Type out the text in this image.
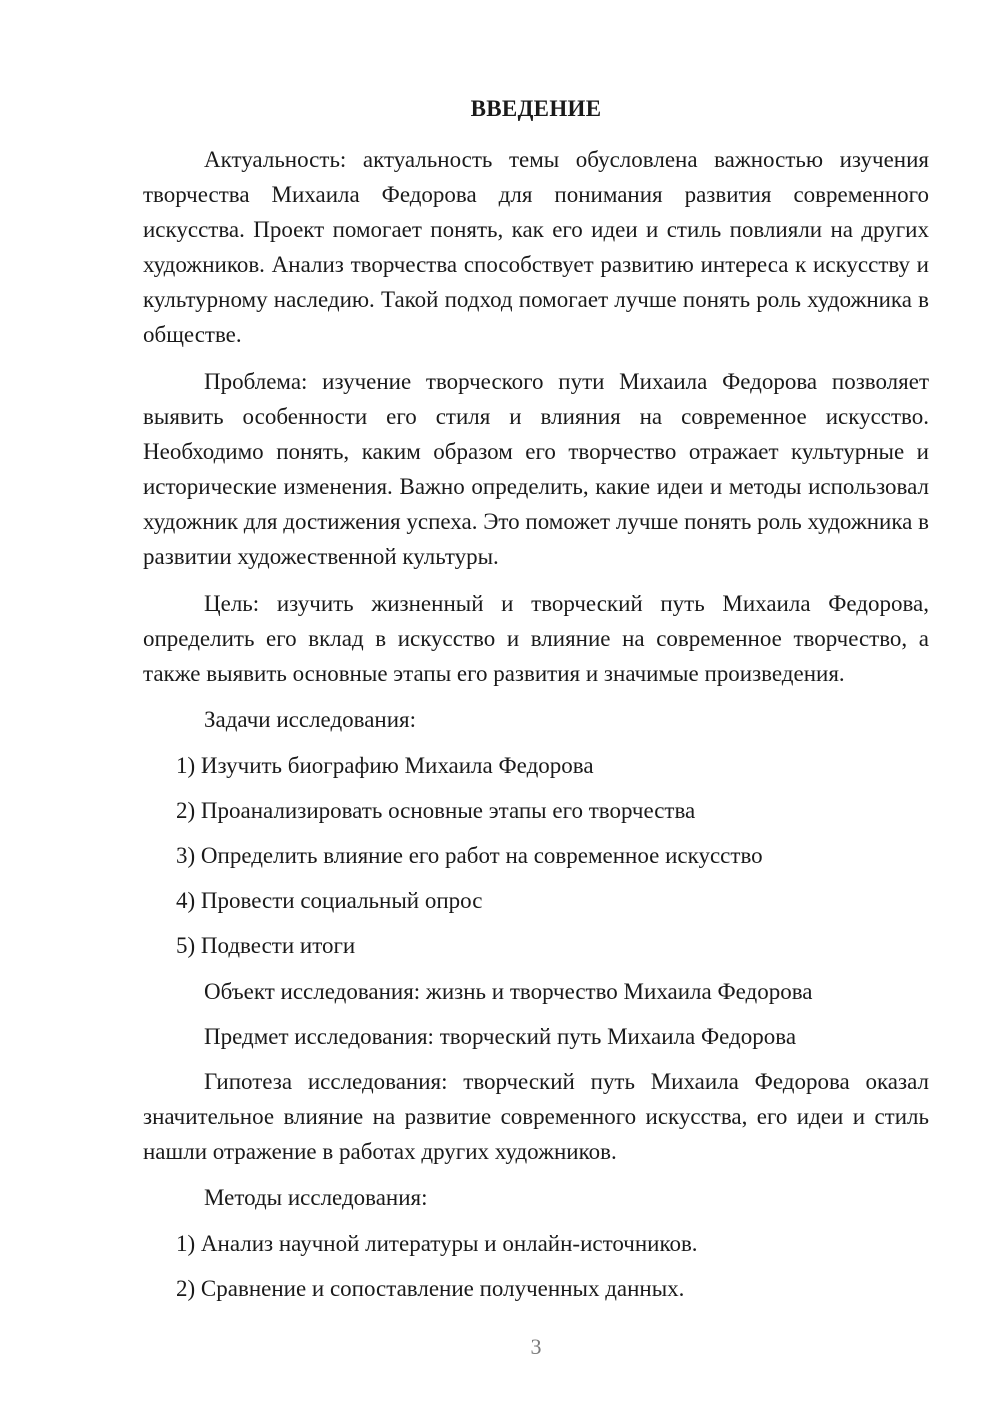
ВВЕДЕНИЕ

Актуальность: актуальность темы обусловлена важностью изучения творчества Михаила Федорова для понимания развития современного искусства. Проект помогает понять, как его идеи и стиль повлияли на других художников. Анализ творчества способствует развитию интереса к искусству и культурному наследию. Такой подход помогает лучше понять роль художника в обществе.

Проблема: изучение творческого пути Михаила Федорова позволяет выявить особенности его стиля и влияния на современное искусство. Необходимо понять, каким образом его творчество отражает культурные и исторические изменения. Важно определить, какие идеи и методы использовал художник для достижения успеха. Это поможет лучше понять роль художника в развитии художественной культуры.

Цель: изучить жизненный и творческий путь Михаила Федорова, определить его вклад в искусство и влияние на современное творчество, а также выявить основные этапы его развития и значимые произведения.

Задачи исследования:

1) Изучить биографию Михаила Федорова

2) Проанализировать основные этапы его творчества

3) Определить влияние его работ на современное искусство

4) Провести социальный опрос

5) Подвести итоги

Объект исследования: жизнь и творчество Михаила Федорова

Предмет исследования: творческий путь Михаила Федорова

Гипотеза исследования: творческий путь Михаила Федорова оказал значительное влияние на развитие современного искусства, его идеи и стиль нашли отражение в работах других художников.

Методы исследования:

1) Анализ научной литературы и онлайн-источников.

2) Сравнение и сопоставление полученных данных.

3
